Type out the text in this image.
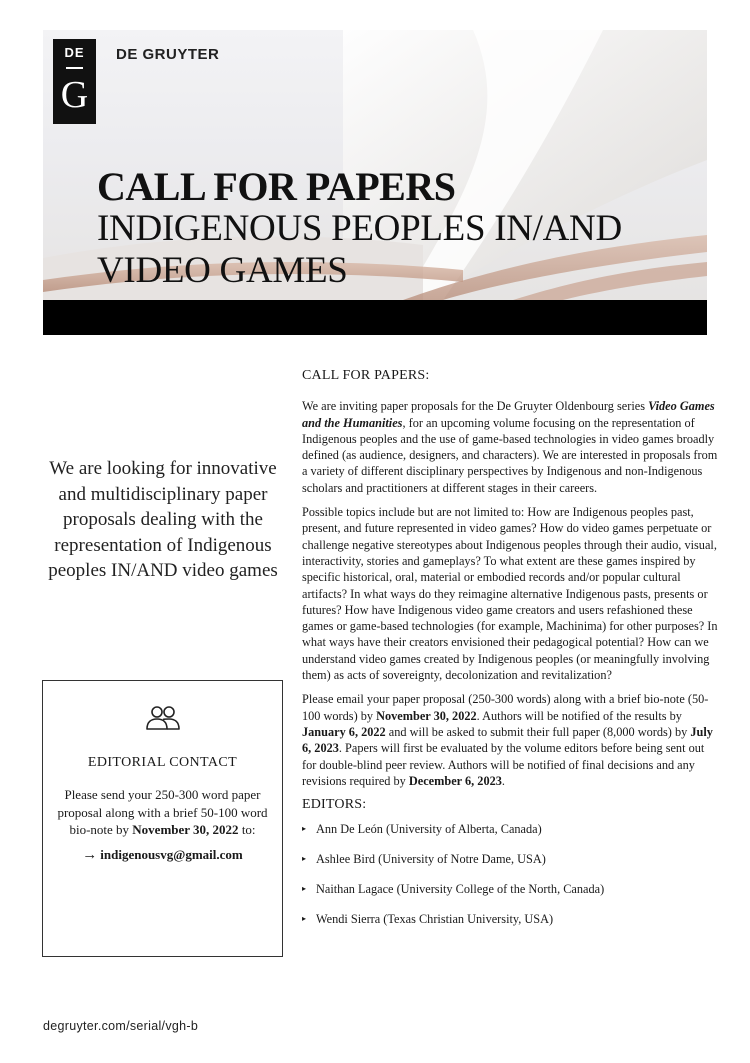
DE
G
DE GRUYTER
CALL FOR PAPERS
INDIGENOUS PEOPLES IN/AND VIDEO GAMES
We are looking for innovative and multidisciplinary paper proposals dealing with the representation of Indigenous peoples IN/AND video games
EDITORIAL CONTACT
Please send your 250-300 word paper proposal along with a brief 50-100 word bio-note by November 30, 2022 to:
→ indigenousvg@gmail.com
CALL FOR PAPERS:

We are inviting paper proposals for the De Gruyter Oldenbourg series Video Games and the Humanities, for an upcoming volume focusing on the representation of Indigenous peoples and the use of game-based technologies in video games broadly defined (as audience, designers, and characters). We are interested in proposals from a variety of different disciplinary perspectives by Indigenous and non-Indigenous scholars and practitioners at different stages in their careers.

Possible topics include but are not limited to: How are Indigenous peoples past, present, and future represented in video games? How do video games perpetuate or challenge negative stereotypes about Indigenous peoples through their audio, visual, interactivity, stories and gameplays? To what extent are these games inspired by specific historical, oral, material or embodied records and/or popular cultural artifacts? In what ways do they reimagine alternative Indigenous pasts, presents or futures? How have Indigenous video game creators and users refashioned these games or game-based technologies (for example, Machinima) for other purposes? In what ways have their creators envisioned their pedagogical potential? How can we understand video games created by Indigenous peoples (or meaningfully involving them) as acts of sovereignty, decolonization and revitalization?

Please email your paper proposal (250-300 words) along with a brief bio-note (50-100 words) by November 30, 2022. Authors will be notified of the results by January 6, 2022 and will be asked to submit their full paper (8,000 words) by July 6, 2023. Papers will first be evaluated by the volume editors before being sent out for double-blind peer review. Authors will be notified of final decisions and any revisions required by December 6, 2023.

EDITORS:
▸ Ann De León (University of Alberta, Canada)
▸ Ashlee Bird (University of Notre Dame, USA)
▸ Naithan Lagace (University College of the North, Canada)
▸ Wendi Sierra (Texas Christian University, USA)
degruyter.com/serial/vgh-b
